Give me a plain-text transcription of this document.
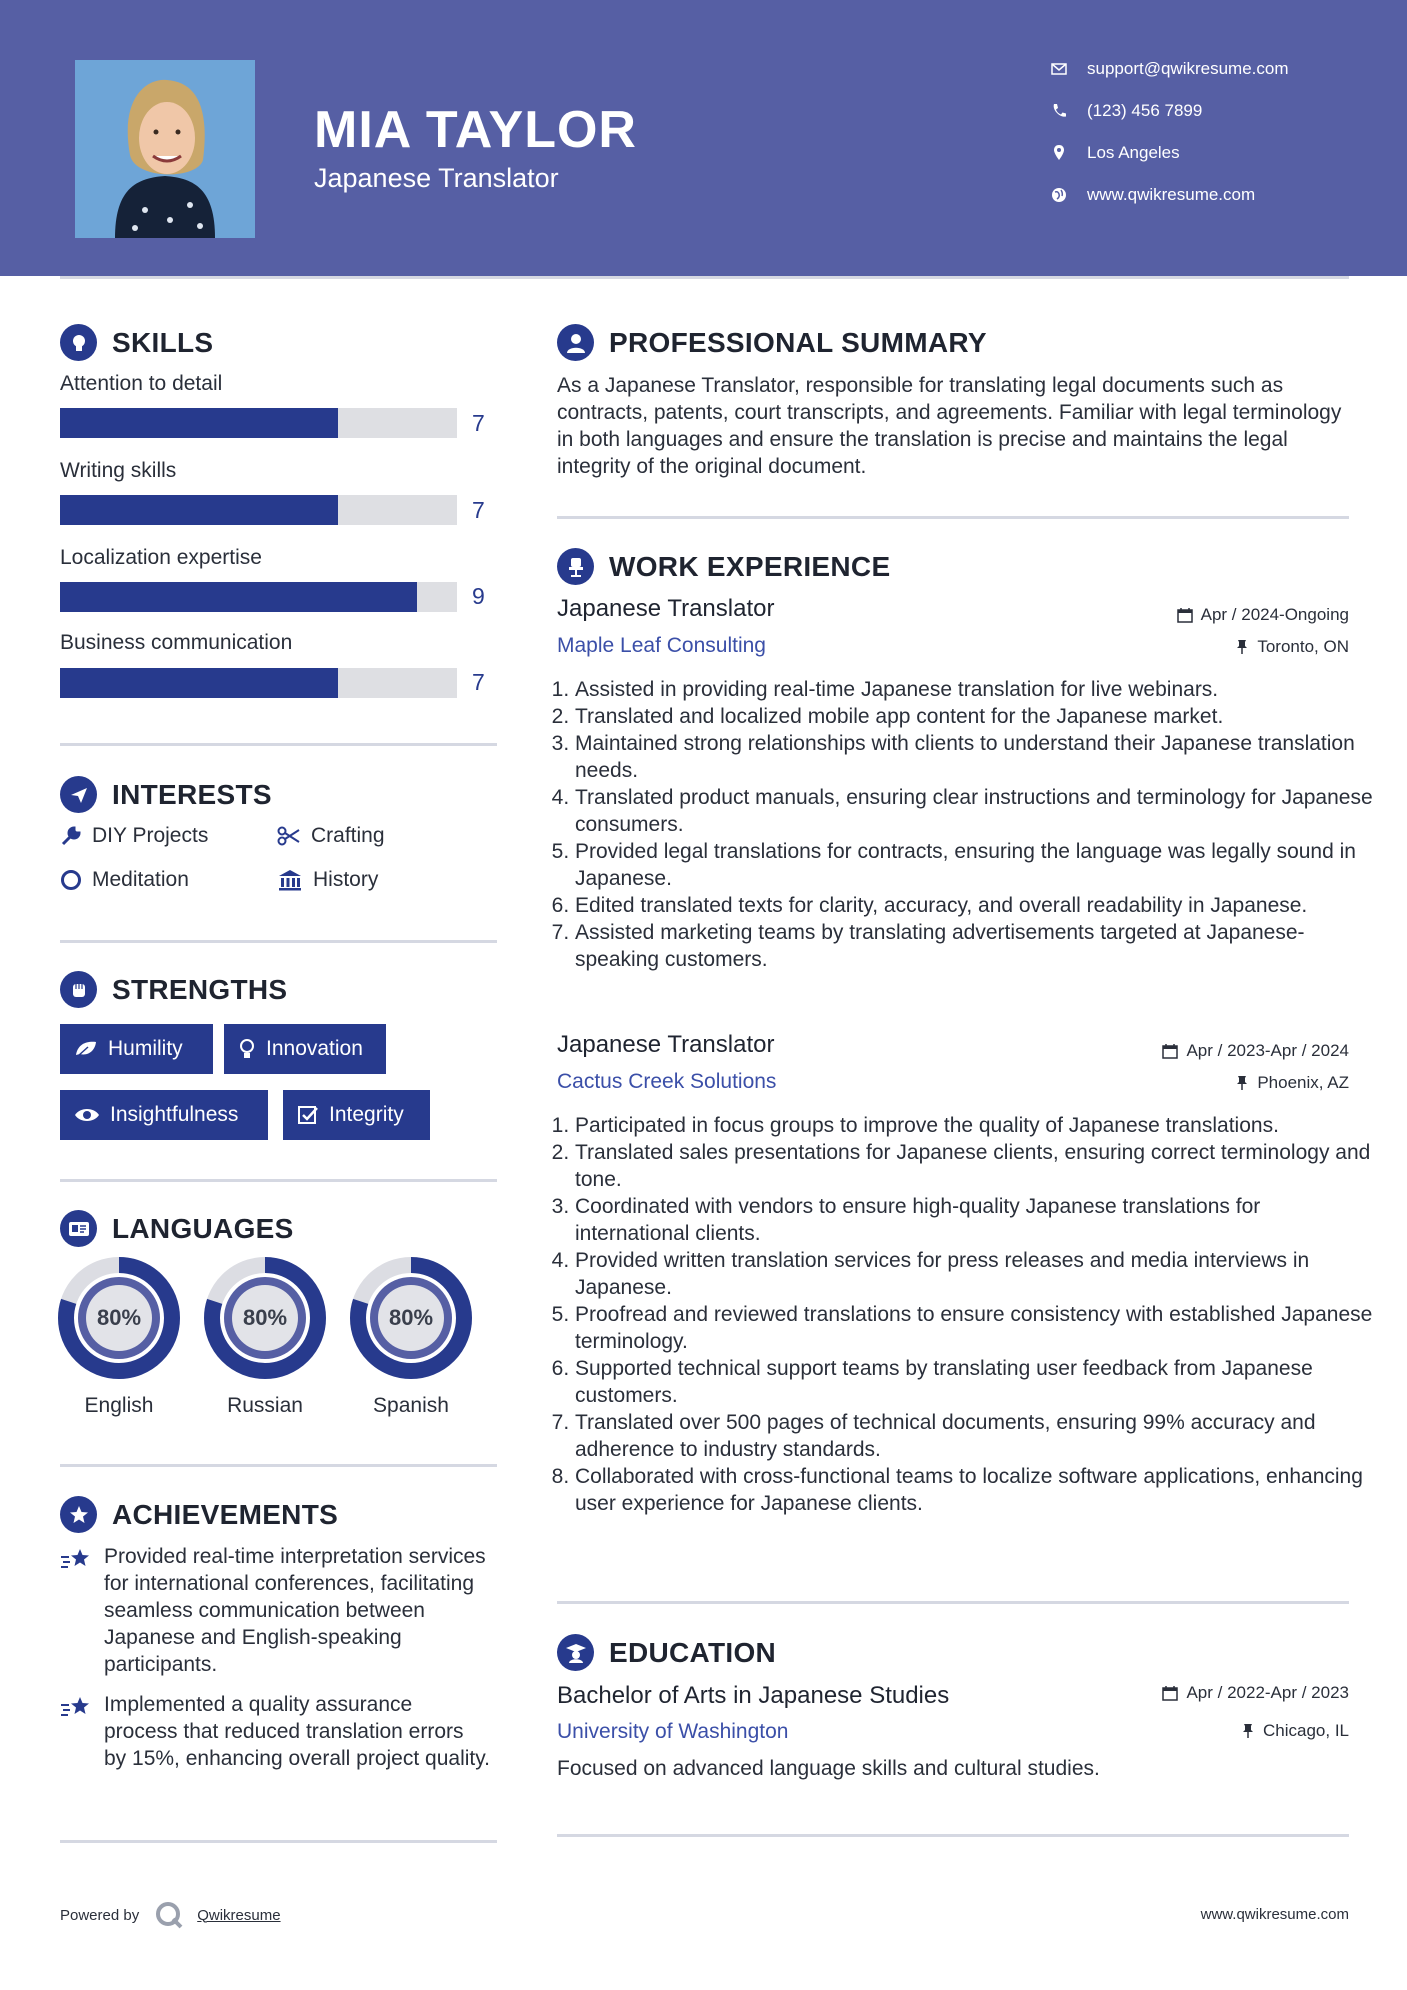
MIA TAYLOR
Japanese Translator
support@qwikresume.com
(123) 456 7899
Los Angeles
www.qwikresume.com
SKILLS
Attention to detail
7
Writing skills
7
Localization expertise
9
Business communication
7
INTERESTS
DIY Projects	Crafting
Meditation	History
STRENGTHS
Humility	Innovation
Insightfulness	Integrity
LANGUAGES
80%
English
80%
Russian
80%
Spanish
ACHIEVEMENTS
Provided real-time interpretation services for international conferences, facilitating seamless communication between Japanese and English-speaking participants.
Implemented a quality assurance process that reduced translation errors by 15%, enhancing overall project quality.
PROFESSIONAL SUMMARY
As a Japanese Translator, responsible for translating legal documents such as contracts, patents, court transcripts, and agreements. Familiar with legal terminology in both languages and ensure the translation is precise and maintains the legal integrity of the original document.
WORK EXPERIENCE
Japanese Translator	Apr / 2024-Ongoing
Maple Leaf Consulting	Toronto, ON
1. Assisted in providing real-time Japanese translation for live webinars.
2. Translated and localized mobile app content for the Japanese market.
3. Maintained strong relationships with clients to understand their Japanese translation needs.
4. Translated product manuals, ensuring clear instructions and terminology for Japanese consumers.
5. Provided legal translations for contracts, ensuring the language was legally sound in Japanese.
6. Edited translated texts for clarity, accuracy, and overall readability in Japanese.
7. Assisted marketing teams by translating advertisements targeted at Japanese-speaking customers.
Japanese Translator	Apr / 2023-Apr / 2024
Cactus Creek Solutions	Phoenix, AZ
1. Participated in focus groups to improve the quality of Japanese translations.
2. Translated sales presentations for Japanese clients, ensuring correct terminology and tone.
3. Coordinated with vendors to ensure high-quality Japanese translations for international clients.
4. Provided written translation services for press releases and media interviews in Japanese.
5. Proofread and reviewed translations to ensure consistency with established Japanese terminology.
6. Supported technical support teams by translating user feedback from Japanese customers.
7. Translated over 500 pages of technical documents, ensuring 99% accuracy and adherence to industry standards.
8. Collaborated with cross-functional teams to localize software applications, enhancing user experience for Japanese clients.
EDUCATION
Bachelor of Arts in Japanese Studies	Apr / 2022-Apr / 2023
University of Washington	Chicago, IL
Focused on advanced language skills and cultural studies.
Powered by	Qwikresume	www.qwikresume.com
